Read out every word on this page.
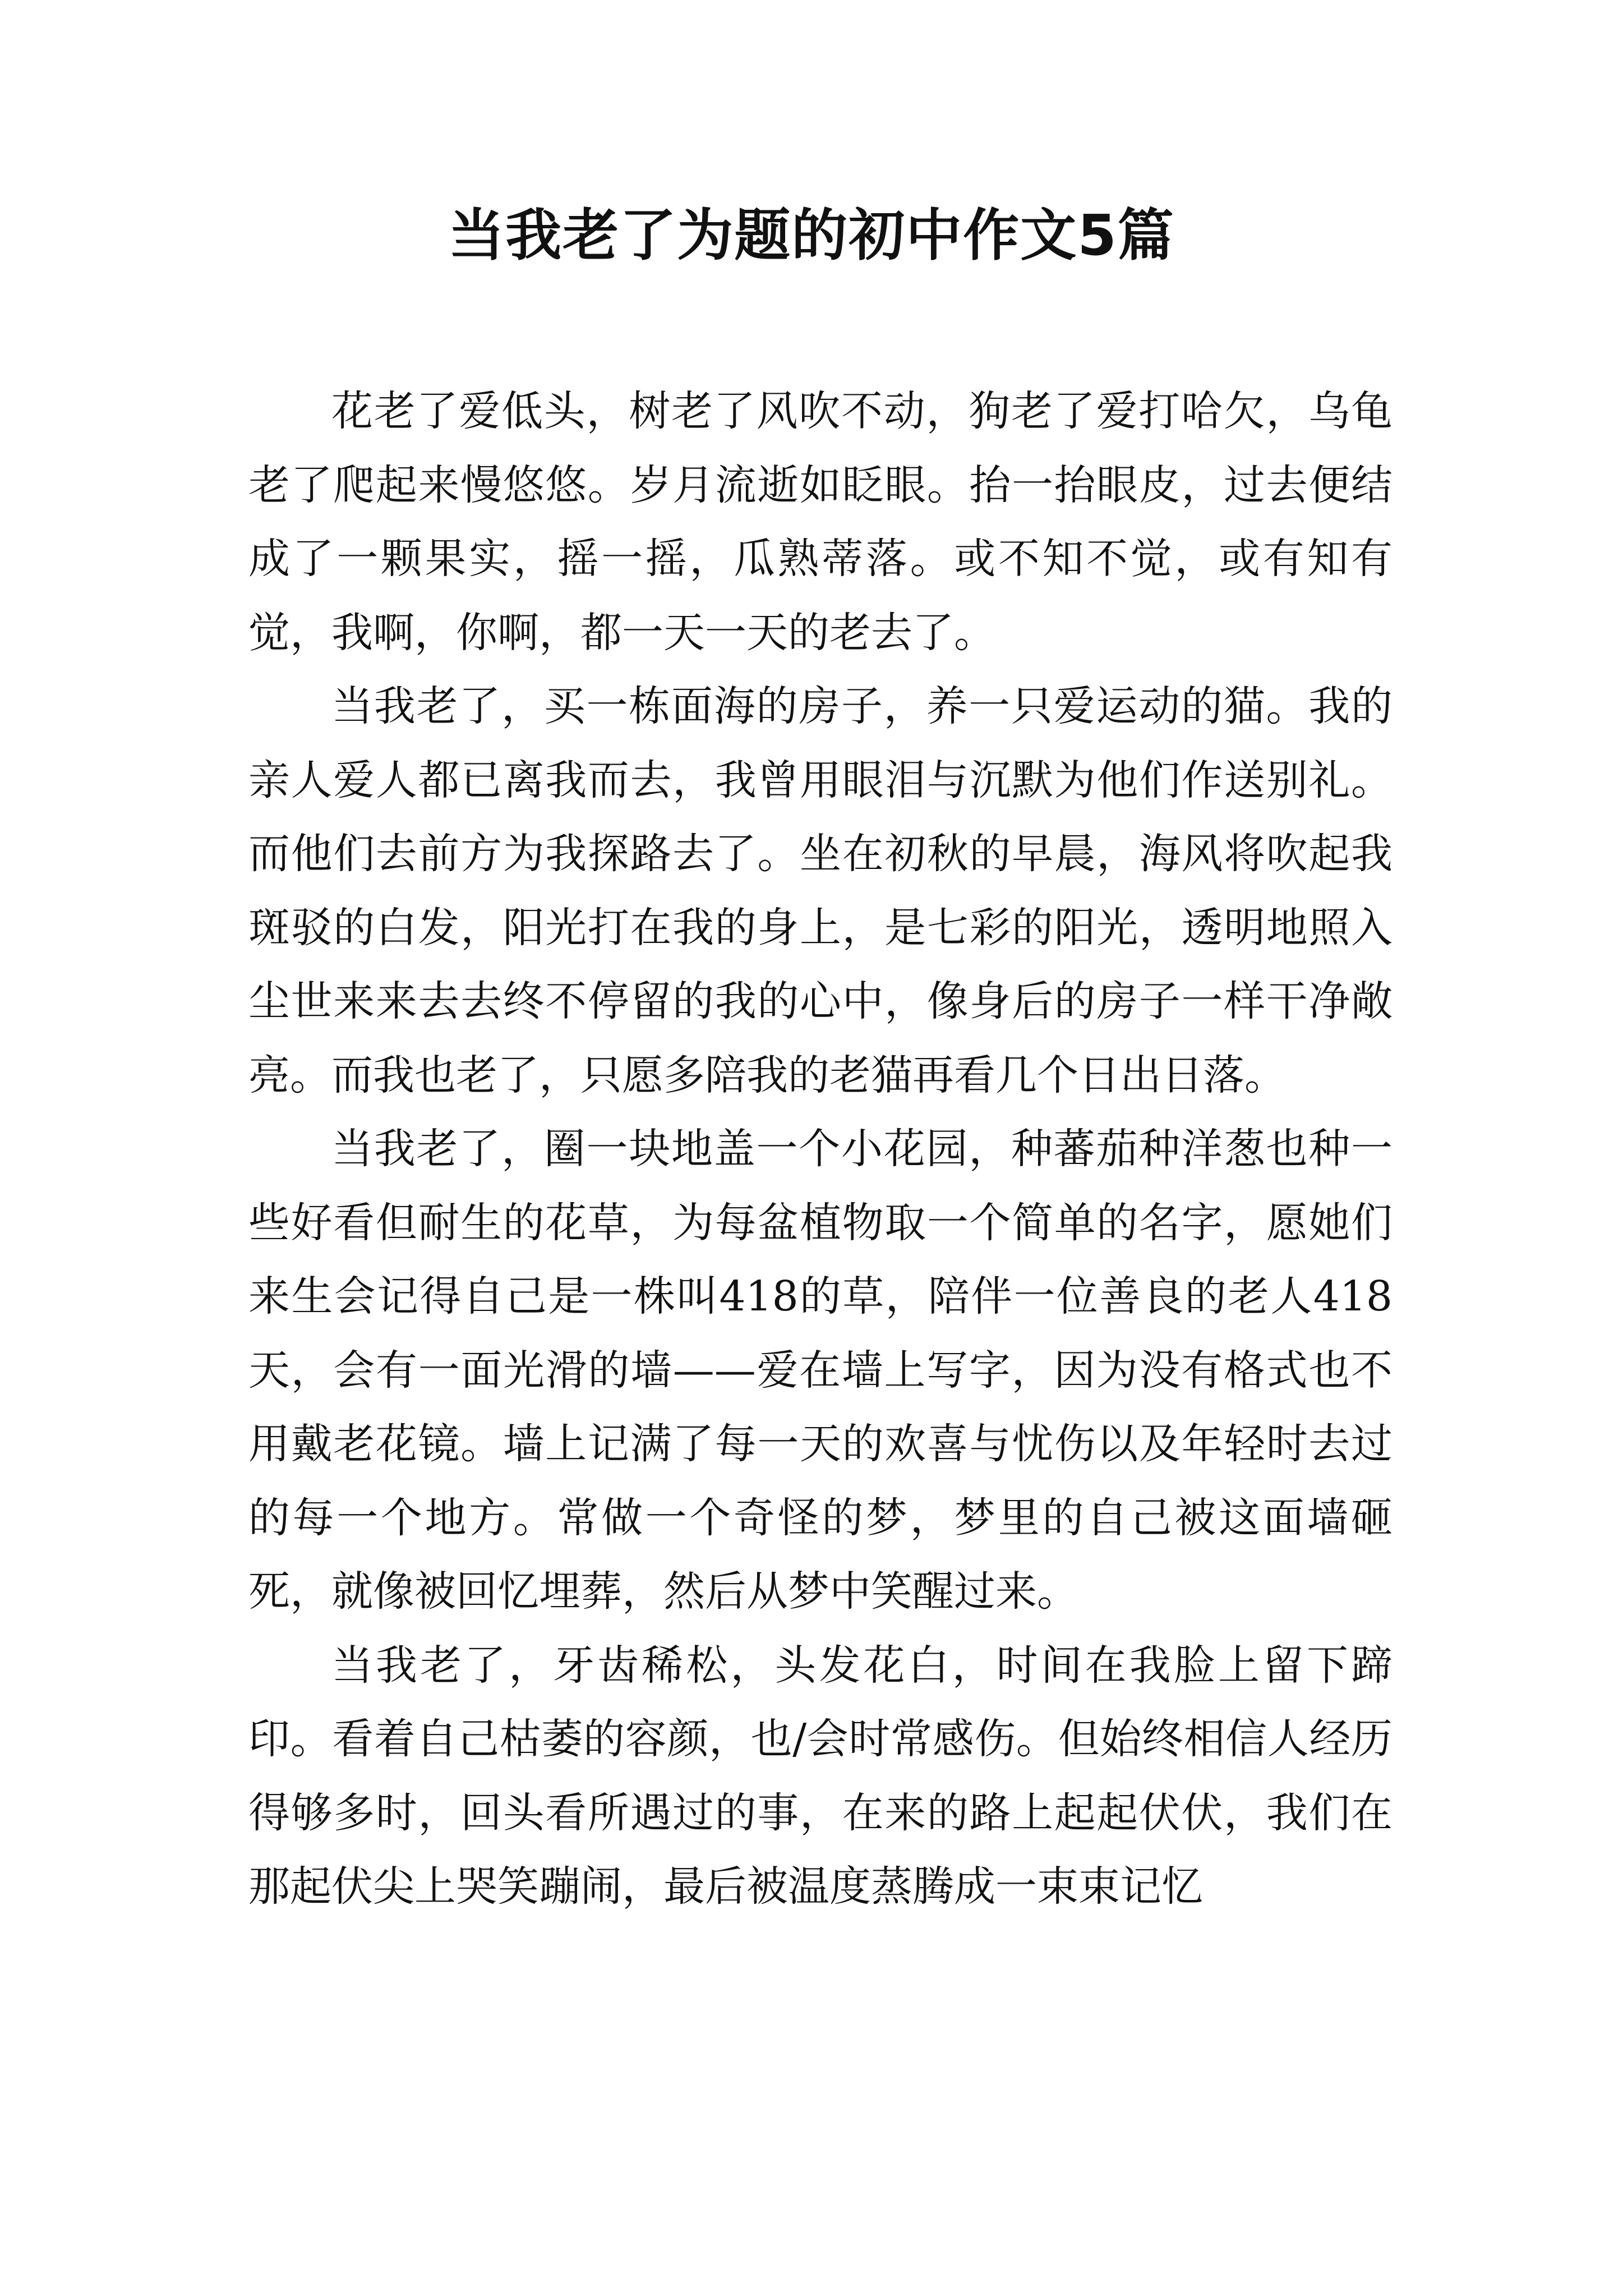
当我老了为题的初中作文5篇

花老了爱低头，树老了风吹不动，狗老了爱打哈欠，乌龟老了爬起来慢悠悠。岁月流逝如眨眼。抬一抬眼皮，过去便结成了一颗果实，摇一摇，瓜熟蒂落。或不知不觉，或有知有觉，我啊，你啊，都一天一天的老去了。

当我老了，买一栋面海的房子，养一只爱运动的猫。我的亲人爱人都已离我而去，我曾用眼泪与沉默为他们作送别礼。而他们去前方为我探路去了。坐在初秋的早晨，海风将吹起我斑驳的白发，阳光打在我的身上，是七彩的阳光，透明地照入尘世来来去去终不停留的我的心中，像身后的房子一样干净敞亮。而我也老了，只愿多陪我的老猫再看几个日出日落。

当我老了，圈一块地盖一个小花园，种蕃茄种洋葱也种一些好看但耐生的花草，为每盆植物取一个简单的名字，愿她们来生会记得自己是一株叫418的草，陪伴一位善良的老人418天，会有一面光滑的墙——爱在墙上写字，因为没有格式也不用戴老花镜。墙上记满了每一天的欢喜与忧伤以及年轻时去过的每一个地方。常做一个奇怪的梦，梦里的自己被这面墙砸死，就像被回忆埋葬，然后从梦中笑醒过来。

当我老了，牙齿稀松，头发花白，时间在我脸上留下蹄印。看着自己枯萎的容颜，也/会时常感伤。但始终相信人经历得够多时，回头看所遇过的事，在来的路上起起伏伏，我们在那起伏尖上哭笑蹦闹，最后被温度蒸腾成一束束记忆
